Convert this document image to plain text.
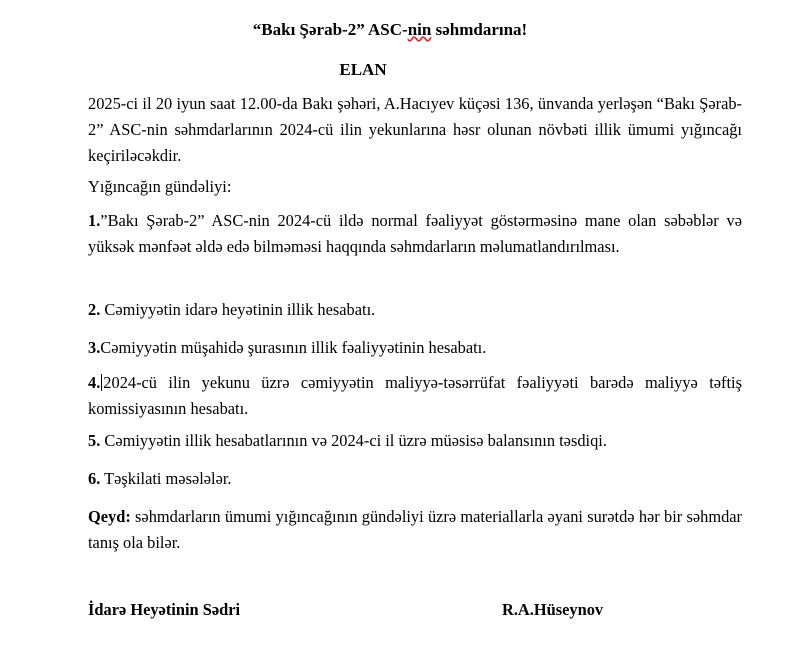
“Bakı Şərab-2” ASC-nin səhmdarına!

ELAN

2025-ci il 20 iyun saat 12.00-da Bakı şəhəri, A.Hacıyev küçəsi 136, ünvanda yerləşən “Bakı Şərab-2” ASC-nin səhmdarlarının 2024-cü ilin yekunlarına həsr olunan növbəti illik ümumi yığıncağı keçiriləcəkdir.

Yığıncağın gündəliyi:

1.”Bakı Şərab-2” ASC-nin 2024-cü ildə normal fəaliyyət göstərməsinə mane olan səbəblər və yüksək mənfəət əldə edə bilməməsi haqqında səhmdarların məlumatlandırılması.

2. Cəmiyyətin idarə heyətinin illik hesabatı.

3.Cəmiyyətin müşahidə şurasının illik fəaliyyətinin hesabatı.

4. 2024-cü ilin yekunu üzrə cəmiyyətin maliyyə-təsərrüfat fəaliyyəti barədə maliyyə təftiş komissiyasının hesabatı.

5. Cəmiyyətin illik hesabatlarının və 2024-ci il üzrə müəsisə balansının təsdiqi.

6. Təşkilati məsələlər.

Qeyd: səhmdarların ümumi yığıncağının gündəliyi üzrə materiallarla əyani surətdə hər bir səhmdar tanış ola bilər.

İdarə Heyətinin Sədri	R.A.Hüseynov
